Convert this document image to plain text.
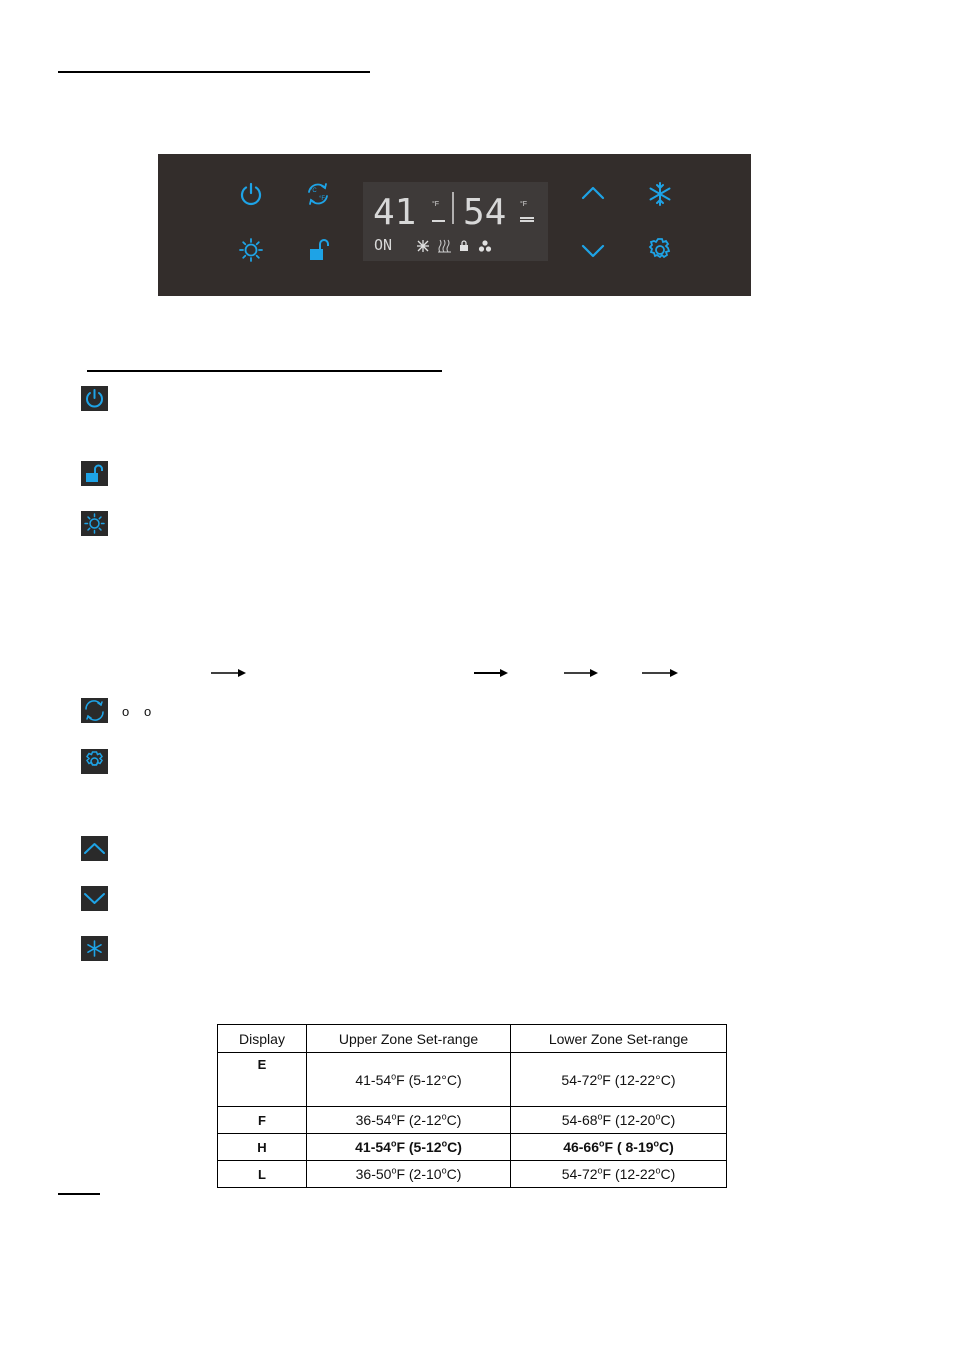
°C
°F 41 °F 54 °F
ON
o o
Display	Upper Zone Set-range	Lower Zone Set-range
E	41-54$^o$F (5-12°C)	54-72$^o$F (12-22°C)
F	36-54$^o$F (2-12$^o$C)	54-68$^o$F (12-20$^o$C)
H	41-54$^o$F (5-12$^o$C)	46-66$^o$F ( 8-19$^o$C)
L	36-50$^o$F (2-10$^o$C)	54-72$^o$F (12-22$^o$C)
